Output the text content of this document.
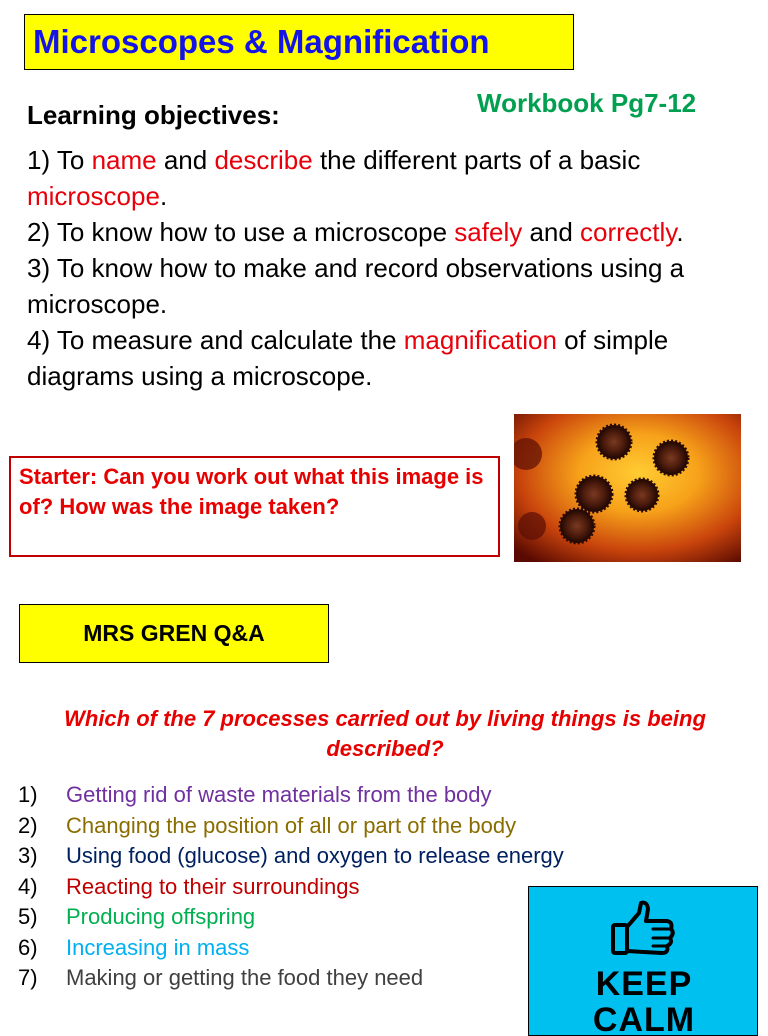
Microscopes & Magnification
Workbook Pg7-12
Learning objectives:

1) To name and describe the different parts of a basic microscope.

2) To know how to use a microscope safely and correctly.

3) To know how to make and record observations using a microscope.

4) To measure and calculate the magnification of simple diagrams using a microscope.

Starter: Can you work out what this image is of? How was the image taken?
MRS GREN Q&A
Which of the 7 processes carried out by living things is being described?
1) Getting rid of waste materials from the body
2) Changing the position of all or part of the body
3) Using food (glucose) and oxygen to release energy
4) Reacting to their surroundings
5) Producing offspring
6) Increasing in mass
7) Making or getting the food they need	KEEP
CALM
